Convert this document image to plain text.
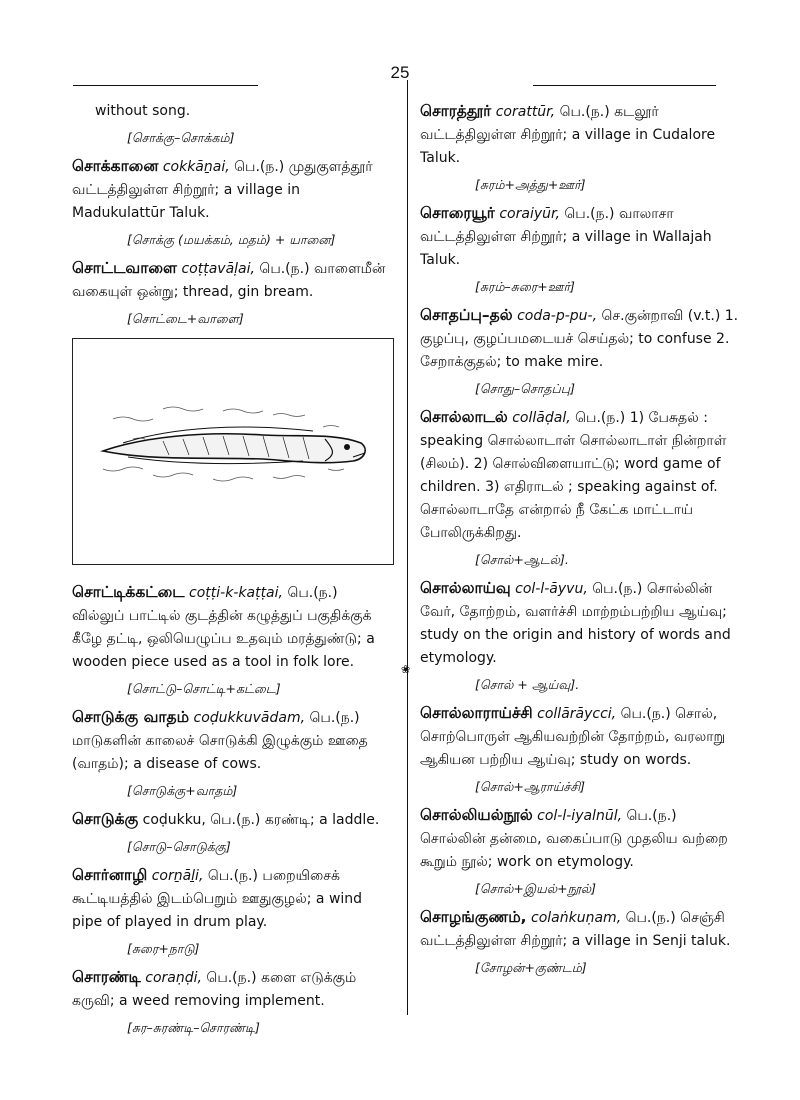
25
without song.
[சொக்கு–சொக்கம்]
சொக்கானை cokkāṉai, பெ.(ந.) முதுகுளத்தூர் வட்டத்திலுள்ள சிற்றூர்; a village in Madukulattūr Taluk.
[சொக்கு (மயக்கம், மதம்) + யானை]
சொட்டவாளை coṭṭavāḷai, பெ.(ந.) வாளைமீன் வகையுள் ஒன்று; thread, gin bream.
[சொட்டை+வாளை]
சொட்டிக்கட்டை coṭṭi-k-kaṭṭai, பெ.(ந.) வில்லுப் பாட்டில் குடத்தின் கழுத்துப் பகுதிக்குக் கீழே தட்டி, ஒலியெழுப்ப உதவும் மரத்துண்டு; a wooden piece used as a tool in folk lore.
[சொட்டு–சொட்டி+கட்டை]
சொடுக்கு வாதம் coḍukkuvādam, பெ.(ந.) மாடுகளின் காலைச் சொடுக்கி இழுக்கும் ஊதை (வாதம்); a disease of cows.
[சொடுக்கு+வாதம்]
சொடுக்கு coḍukku, பெ.(ந.) கரண்டி; a laddle.
[சொடு–சொடுக்கு]
சொர்னாழி corṉāḻi, பெ.(ந.) பறையிசைக் கூட்டியத்தில் இடம்பெறும் ஊதுகுழல்; a wind pipe of played in drum play.
[சுரை+நாடு]
சொரண்டி coraṇḍi, பெ.(ந.) களை எடுக்கும் கருவி; a weed removing implement.
[சுர–சுரண்டி–சொரண்டி]
சொரத்தூர் corattūr, பெ.(ந.) கடலூர் வட்டத்திலுள்ள சிற்றூர்; a village in Cudalore Taluk.
[சுரம்+அத்து+ஊர்]
சொரையூர் coraiyūr, பெ.(ந.) வாலாசா வட்டத்திலுள்ள சிற்றூர்; a village in Wallajah Taluk.
[சுரம்–சுரை+ஊர்]
சொதப்பு–தல் coda-p-pu-, செ.குன்றாவி (v.t.) 1. குழப்பு, குழப்பமடையச் செய்தல்; to confuse 2. சேறாக்குதல்; to make mire.
[சொது–சொதப்பு]
சொல்லாடல் collāḍal, பெ.(ந.) 1) பேசுதல் : speaking சொல்லாடாள் சொல்லாடாள் நின்றாள் (சிலம்). 2) சொல்விளையாட்டு; word game of children. 3) எதிராடல் ; speaking against of. சொல்லாடாதே என்றால் நீ கேட்க மாட்டாய் போலிருக்கிறது.
[சொல்+ஆடல்].
சொல்லாய்வு col-l-āyvu, பெ.(ந.) சொல்லின் வேர், தோற்றம், வளர்ச்சி மாற்றம்பற்றிய ஆய்வு; study on the origin and history of words and etymology.
[சொல் + ஆய்வு].
சொல்லாராய்ச்சி collārāycci, பெ.(ந.) சொல், சொற்பொருள் ஆகியவற்றின் தோற்றம், வரலாறு ஆகியன பற்றிய ஆய்வு; study on words.
[சொல்+ஆராய்ச்சி]
சொல்லியல்நூல் col-l-iyalnūl, பெ.(ந.) சொல்லின் தன்மை, வகைப்பாடு முதலிய வற்றை கூறும் நூல்; work on etymology.
[சொல்+இயல்+நூல்]
சொழங்குணம், colaṅkuṇam, பெ.(ந.) செஞ்சி வட்டத்திலுள்ள சிற்றூர்; a village in Senji taluk.
[சோழன்+குண்டம்]
❀
